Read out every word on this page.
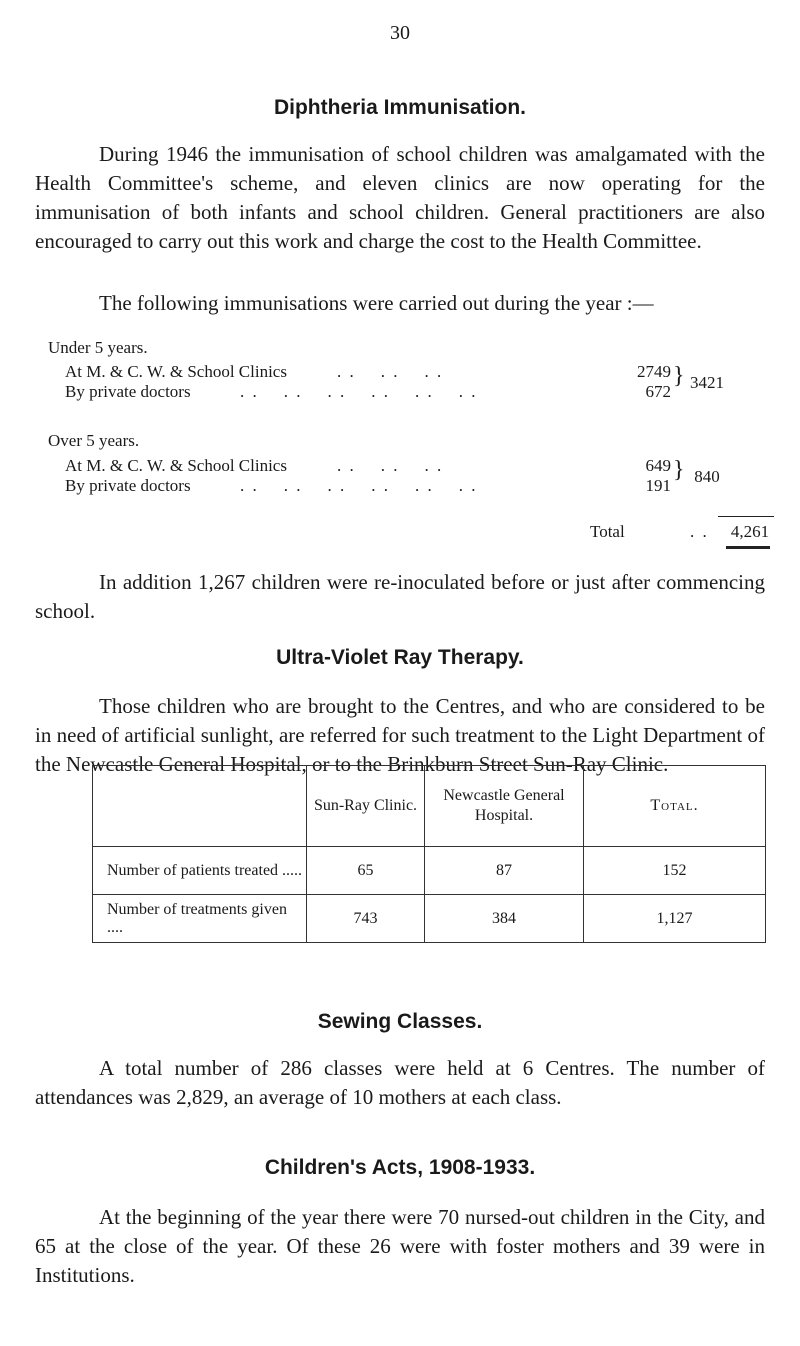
30
Diphtheria Immunisation.
During 1946 the immunisation of school children was amalgamated with the Health Committee's scheme, and eleven clinics are now operating for the immunisation of both infants and school children. General practitioners are also encouraged to carry out this work and charge the cost to the Health Committee.
The following immunisations were carried out during the year :—
Under 5 years.
At M. & C. W. & School Clinics	. .    . .    . .	2749
By private doctors	. .    . .    . .    . .    . .    . .	672
} 3421
Over 5 years.
At M. & C. W. & School Clinics	. .    . .    . .	649
By private doctors	. .    . .    . .    . .    . .    . .	191
} 840
Total	. .	4,261
In addition 1,267 children were re-inoculated before or just after commencing school.
Ultra-Violet Ray Therapy.
Those children who are brought to the Centres, and who are considered to be in need of artificial sunlight, are referred for such treatment to the Light Department of the Newcastle General Hospital, or to the Brinkburn Street Sun-Ray Clinic.
	Sun-Ray Clinic.	Newcastle General Hospital.	Total.
Number of patients treated .....	65	87	152
Number of treatments given ....	743	384	1,127
Sewing Classes.
A total number of 286 classes were held at 6 Centres. The number of attendances was 2,829, an average of 10 mothers at each class.
Children's Acts, 1908-1933.
At the beginning of the year there were 70 nursed-out children in the City, and 65 at the close of the year. Of these 26 were with foster mothers and 39 were in Institutions.
